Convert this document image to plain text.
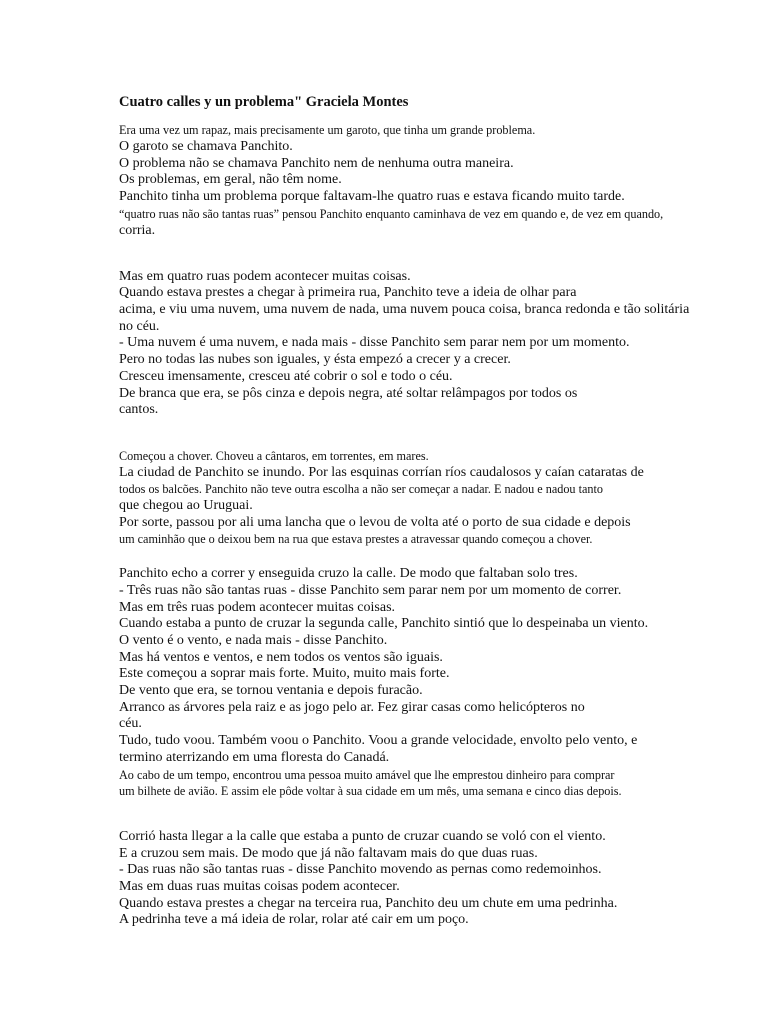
Cuatro calles y un problema" Graciela Montes
Era uma vez um rapaz, mais precisamente um garoto, que tinha um grande problema.
O garoto se chamava Panchito.
O problema não se chamava Panchito nem de nenhuma outra maneira.
Os problemas, em geral, não têm nome.
Panchito tinha um problema porque faltavam-lhe quatro ruas e estava ficando muito tarde.
“quatro ruas não são tantas ruas” pensou Panchito enquanto caminhava de vez em quando e, de vez em quando,
corria.
Mas em quatro ruas podem acontecer muitas coisas.
Quando estava prestes a chegar à primeira rua, Panchito teve a ideia de olhar para
acima, e viu uma nuvem, uma nuvem de nada, uma nuvem pouca coisa, branca redonda e tão solitária
no céu.
- Uma nuvem é uma nuvem, e nada mais - disse Panchito sem parar nem por um momento.
Pero no todas las nubes son iguales, y ésta empezó a crecer y a crecer.
Cresceu imensamente, cresceu até cobrir o sol e todo o céu.
De branca que era, se pôs cinza e depois negra, até soltar relâmpagos por todos os
cantos.
Começou a chover. Choveu a cântaros, em torrentes, em mares.
La ciudad de Panchito se inundo. Por las esquinas corrían ríos caudalosos y caían cataratas de
todos os balcões. Panchito não teve outra escolha a não ser começar a nadar. E nadou e nadou tanto
que chegou ao Uruguai.
Por sorte, passou por ali uma lancha que o levou de volta até o porto de sua cidade e depois
um caminhão que o deixou bem na rua que estava prestes a atravessar quando começou a chover.
Panchito echo a correr y enseguida cruzo la calle. De modo que faltaban solo tres.
- Três ruas não são tantas ruas - disse Panchito sem parar nem por um momento de correr.
Mas em três ruas podem acontecer muitas coisas.
Cuando estaba a punto de cruzar la segunda calle, Panchito sintió que lo despeinaba un viento.
O vento é o vento, e nada mais - disse Panchito.
Mas há ventos e ventos, e nem todos os ventos são iguais.
Este começou a soprar mais forte. Muito, muito mais forte.
De vento que era, se tornou ventania e depois furacão.
Arranco as árvores pela raiz e as jogo pelo ar. Fez girar casas como helicópteros no
céu.
Tudo, tudo voou. Também voou o Panchito. Voou a grande velocidade, envolto pelo vento, e
termino aterrizando em uma floresta do Canadá.
Ao cabo de um tempo, encontrou uma pessoa muito amável que lhe emprestou dinheiro para comprar
um bilhete de avião. E assim ele pôde voltar à sua cidade em um mês, uma semana e cinco dias depois.
Corrió hasta llegar a la calle que estaba a punto de cruzar cuando se voló con el viento.
E a cruzou sem mais. De modo que já não faltavam mais do que duas ruas.
- Das ruas não são tantas ruas - disse Panchito movendo as pernas como redemoinhos.
Mas em duas ruas muitas coisas podem acontecer.
Quando estava prestes a chegar na terceira rua, Panchito deu um chute em uma pedrinha.
A pedrinha teve a má ideia de rolar, rolar até cair em um poço.
